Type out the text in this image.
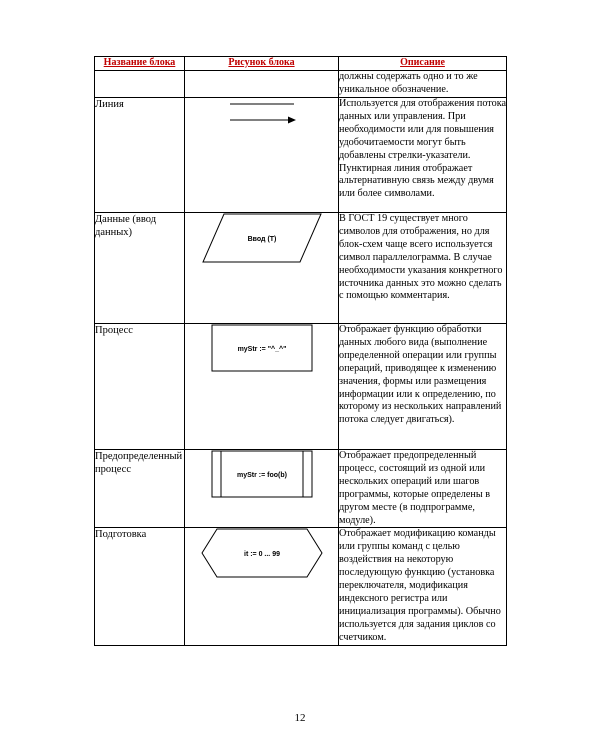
Название блока	Рисунок блока	Описание
		должны содержать одно и то же уникальное обозначение.
Линия		Используется для отображения потока данных или управления. При необходимости или для повышения удобочитаемости могут быть добавлены стрелки-указатели. Пунктирная линия отображает альтернативную связь между двумя или более символами.
Данные (ввод данных)	Ввод (Т)	В ГОСТ 19 существует много символов для отображения, но для блок-схем чаще всего используется символ параллелограмма. В случае необходимости указания конкретного источника данных это можно сделать с помощью комментария.
Процесс	myStr := "^_^"	Отображает функцию обработки данных любого вида (выполнение определенной операции или группы операций, приводящее к изменению значения, формы или размещения информации или к определению, по которому из нескольких направлений потока следует двигаться).
Предопределенный процесс	myStr := foo(b)	Отображает предопределенный процесс, состоящий из одной или нескольких операций или шагов программы, которые определены в другом месте (в подпрограмме, модуле).
Подготовка	it := 0 ... 99	Отображает модификацию команды или группы команд с целью воздействия на некоторую последующую функцию (установка переключателя, модификация индексного регистра или инициализация программы). Обычно используется для задания циклов со счетчиком.
12
